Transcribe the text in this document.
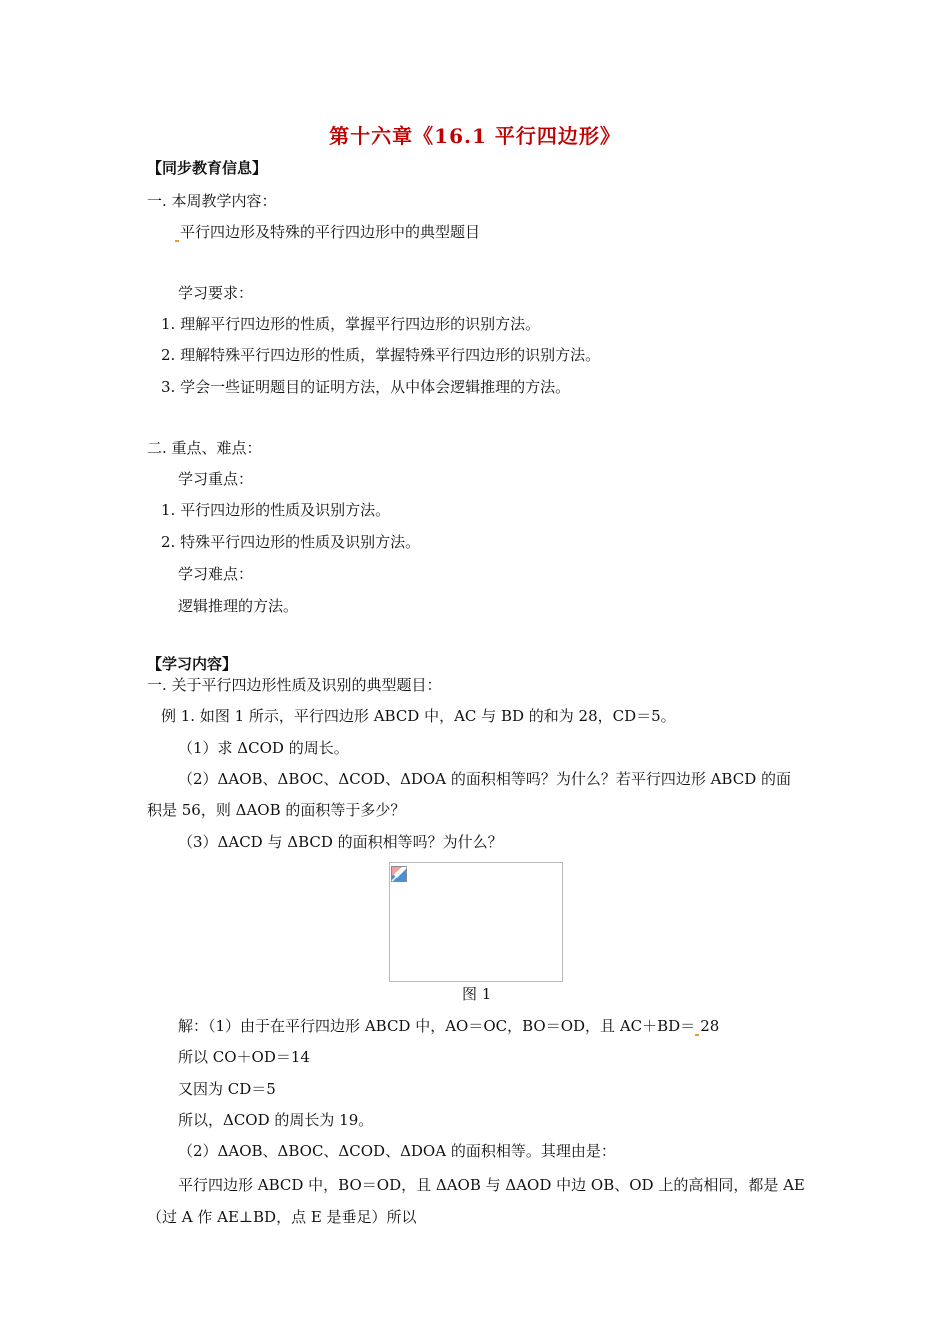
第十六章《16.1 平行四边形》
【同步教育信息】
一. 本周教学内容：
平行四边形及特殊的平行四边形中的典型题目
学习要求：
1. 理解平行四边形的性质，掌握平行四边形的识别方法。
2. 理解特殊平行四边形的性质，掌握特殊平行四边形的识别方法。
3. 学会一些证明题目的证明方法，从中体会逻辑推理的方法。
二. 重点、难点：
学习重点：
1. 平行四边形的性质及识别方法。
2. 特殊平行四边形的性质及识别方法。
学习难点：
逻辑推理的方法。
【学习内容】
一. 关于平行四边形性质及识别的典型题目：
例 1. 如图 1 所示，平行四边形 ABCD 中，AC 与 BD 的和为 28，CD＝5。
（1）求 ΔCOD 的周长。
（2）ΔAOB、ΔBOC、ΔCOD、ΔDOA 的面积相等吗？为什么？若平行四边形 ABCD 的面
积是 56，则 ΔAOB 的面积等于多少？
（3）ΔACD 与 ΔBCD 的面积相等吗？为什么？
图 1
解：（1）由于在平行四边形 ABCD 中，AO＝OC，BO＝OD，且 AC＋BD＝ 28
所以 CO＋OD＝14
又因为 CD＝5
所以，ΔCOD 的周长为 19。
（2）ΔAOB、ΔBOC、ΔCOD、ΔDOA 的面积相等。其理由是：
平行四边形 ABCD 中，BO＝OD，且 ΔAOB 与 ΔAOD 中边 OB、OD 上的高相同，都是 AE
（过 A 作 AE⊥BD，点 E 是垂足）所以
